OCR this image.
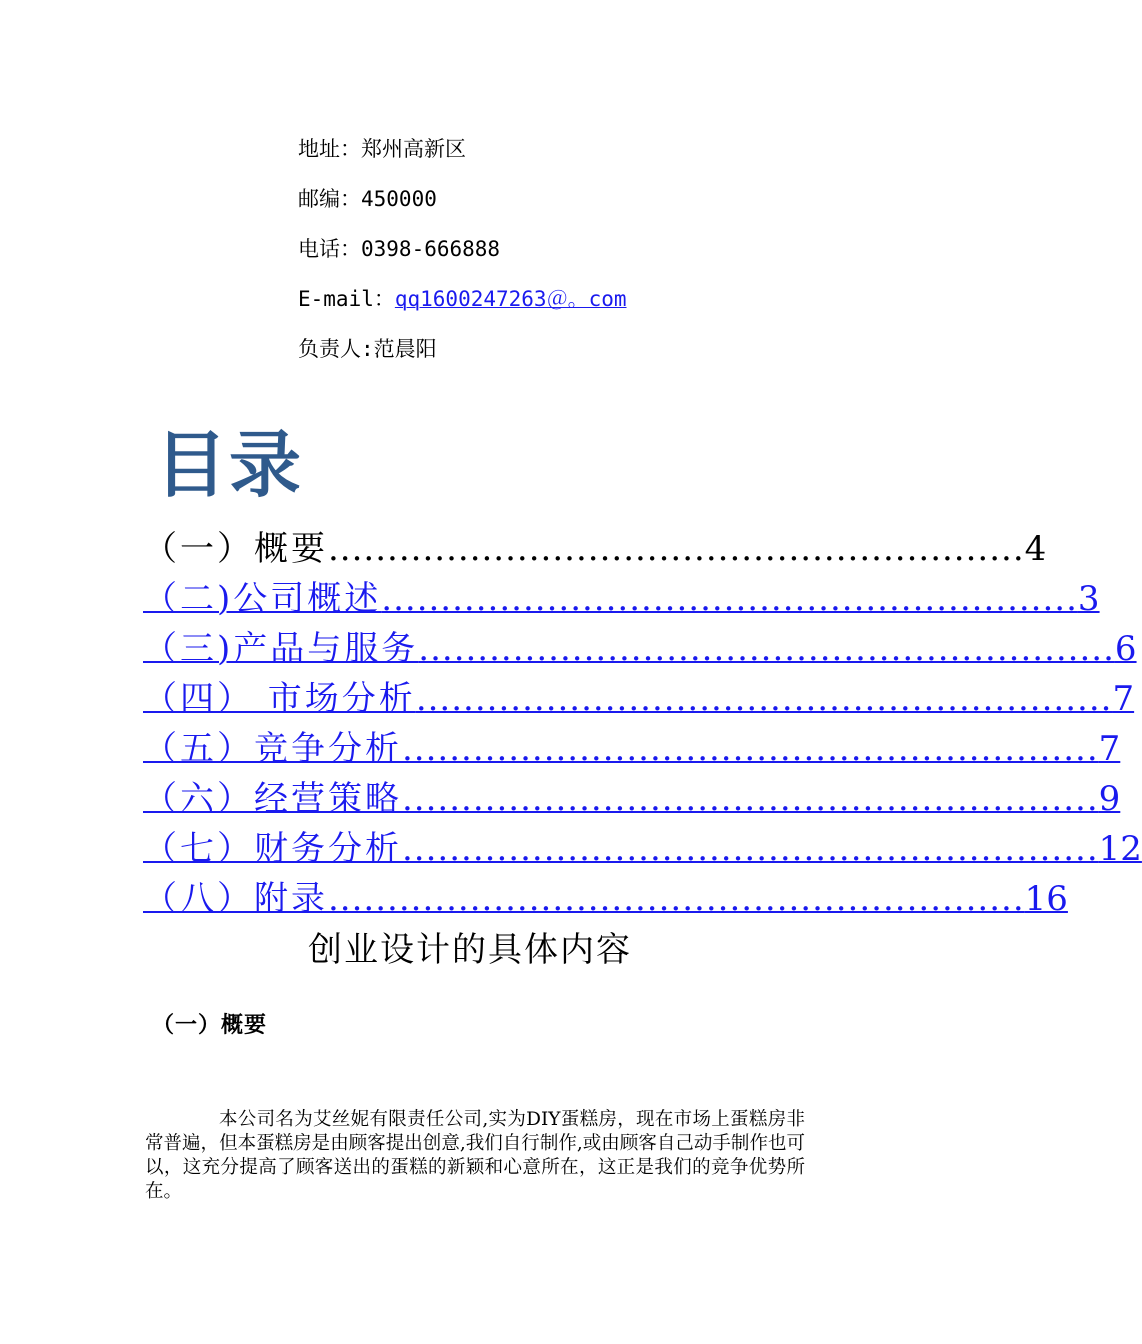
地址：郑州高新区
邮编：450000
电话：0398-666888
E-mail：qq1600247263＠。com
负责人:范晨阳
目录
（一）概要 ........................................................... 4
（二)公司概述 ........................................................... 3
（三)产品与服务 ........................................................... 6
（四） 市场分析 ........................................................... 7
（五）竞争分析 ........................................................... 7
（六）经营策略 ........................................................... 9
（七）财务分析 ........................................................... 12
（八）附录 ........................................................... 16
创业设计的具体内容
（一）概要
本公司名为艾丝妮有限责任公司,实为DIY蛋糕房，现在市场上蛋糕房非常普遍，但本蛋糕房是由顾客提出创意,我们自行制作,或由顾客自己动手制作也可以，这充分提高了顾客送出的蛋糕的新颖和心意所在，这正是我们的竞争优势所在。
